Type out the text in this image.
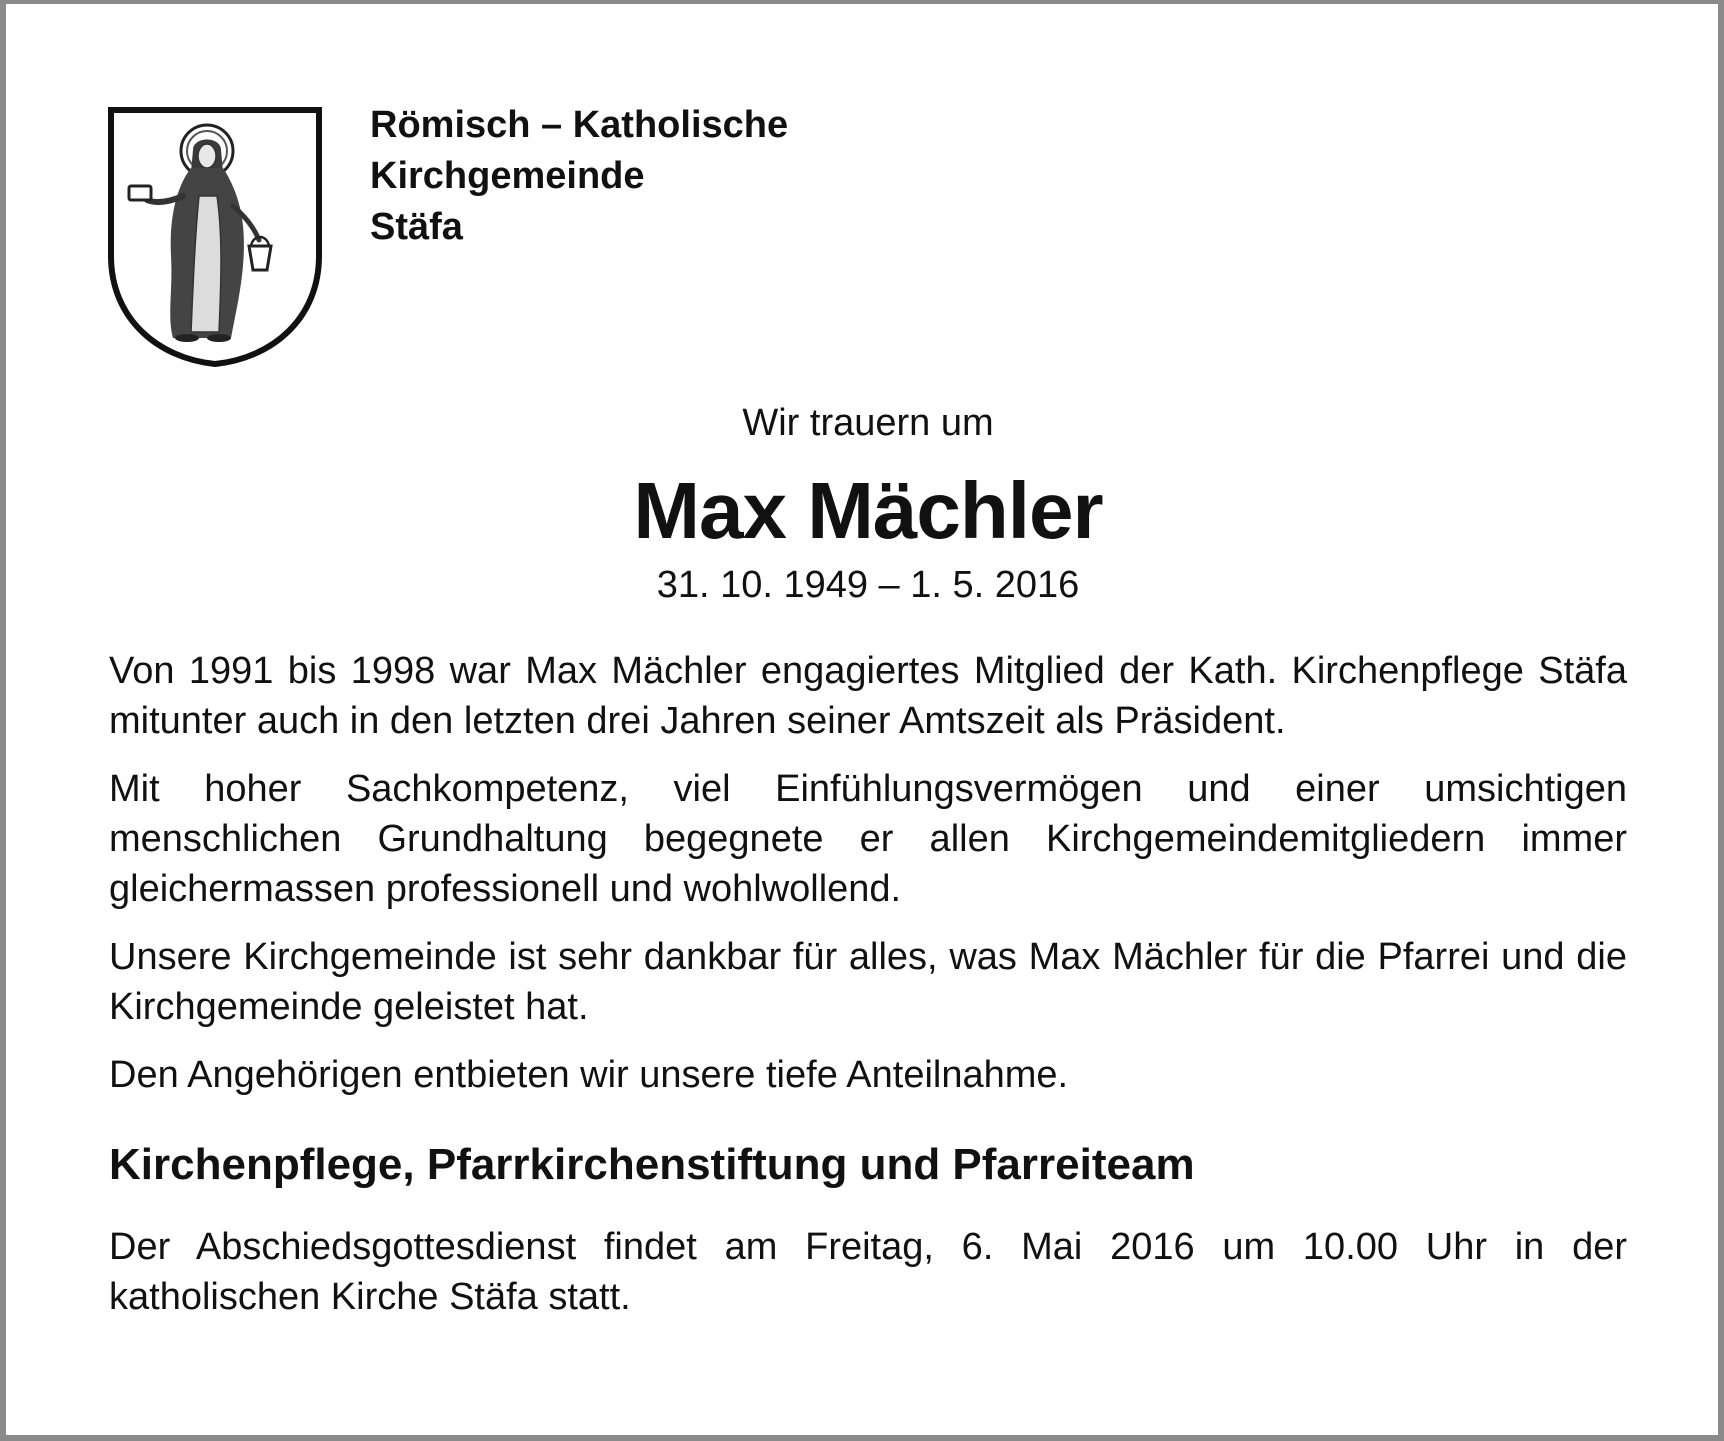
Römisch – Katholische
Kirchgemeinde
Stäfa
Wir trauern um
Max Mächler
31. 10. 1949 – 1. 5. 2016

Von 1991 bis 1998 war Max Mächler engagiertes Mitglied der Kath. Kirchenpflege Stäfa mitunter auch in den letzten drei Jahren seiner Amtszeit als Präsident.

Mit hoher Sachkompetenz, viel Einfühlungsvermögen und einer umsichtigen menschlichen Grundhaltung begegnete er allen Kirchgemeindemitgliedern immer gleichermassen professionell und wohlwollend.

Unsere Kirchgemeinde ist sehr dankbar für alles, was Max Mächler für die Pfarrei und die Kirchgemeinde geleistet hat.

Den Angehörigen entbieten wir unsere tiefe Anteilnahme.

Kirchenpflege, Pfarrkirchenstiftung und Pfarreiteam

Der Abschiedsgottesdienst findet am Freitag, 6. Mai 2016 um 10.00 Uhr in der katholischen Kirche Stäfa statt.
